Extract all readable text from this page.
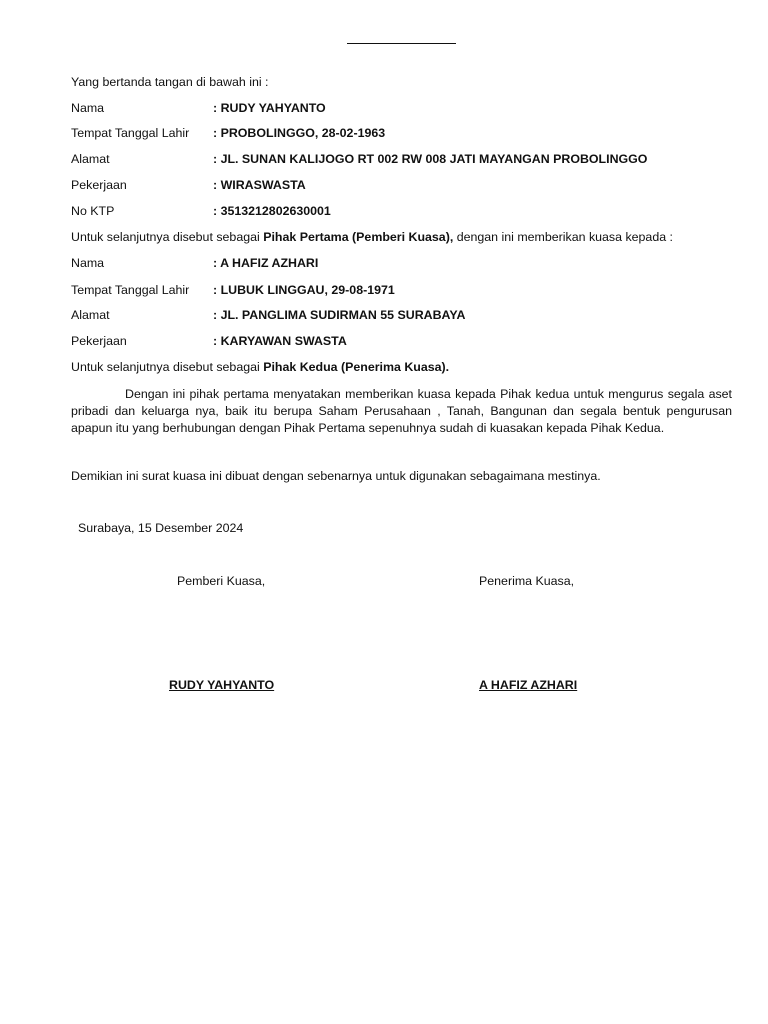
Yang bertanda tangan di bawah ini :
Nama	: RUDY YAHYANTO
Tempat Tanggal Lahir : PROBOLINGGO, 28-02-1963
Alamat	: JL. SUNAN KALIJOGO RT 002 RW 008 JATI MAYANGAN PROBOLINGGO
Pekerjaan	: WIRASWASTA
No KTP	: 3513212802630001
Untuk selanjutnya disebut sebagai Pihak Pertama (Pemberi Kuasa), dengan ini memberikan kuasa kepada :
Nama	: A HAFIZ AZHARI
Tempat Tanggal Lahir : LUBUK LINGGAU, 29-08-1971
Alamat	: JL. PANGLIMA SUDIRMAN 55 SURABAYA
Pekerjaan	: KARYAWAN SWASTA
Untuk selanjutnya disebut sebagai Pihak Kedua (Penerima Kuasa).
Dengan ini pihak pertama menyatakan memberikan kuasa kepada Pihak kedua untuk mengurus segala aset pribadi dan keluarga nya, baik itu berupa Saham Perusahaan , Tanah, Bangunan dan segala bentuk pengurusan apapun itu yang berhubungan dengan Pihak Pertama sepenuhnya sudah di kuasakan kepada Pihak Kedua.
Demikian ini surat kuasa ini dibuat dengan sebenarnya untuk digunakan sebagaimana mestinya.
Surabaya, 15 Desember 2024
Pemberi Kuasa,	Penerima Kuasa,
RUDY YAHYANTO	A HAFIZ AZHARI
